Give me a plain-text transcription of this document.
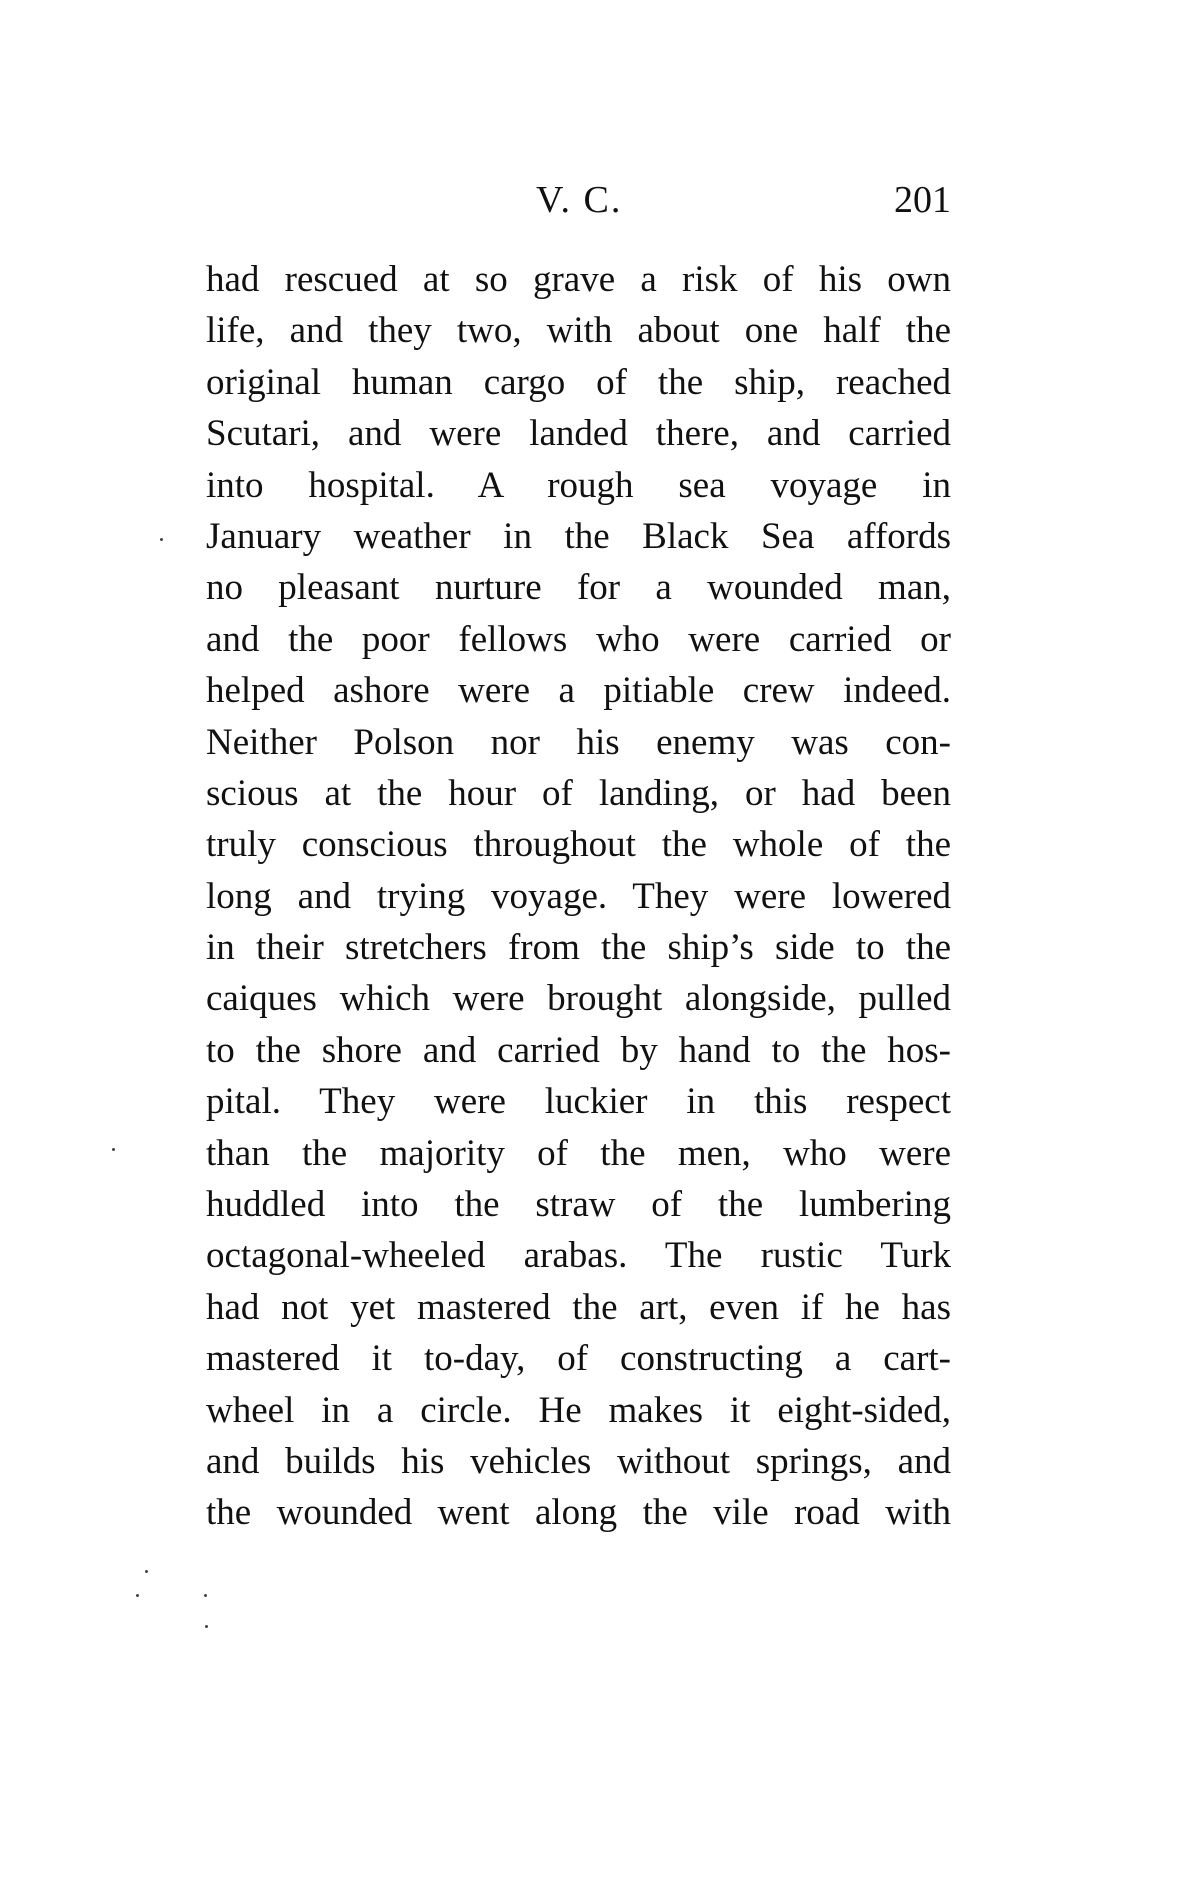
V. C.	201
had rescued at so grave a risk of his own
life, and they two, with about one half the
original human cargo of the ship, reached
Scutari, and were landed there, and carried
into hospital. A rough sea voyage in
January weather in the Black Sea affords
no pleasant nurture for a wounded man,
and the poor fellows who were carried or
helped ashore were a pitiable crew indeed.
Neither Polson nor his enemy was con-
scious at the hour of landing, or had been
truly conscious throughout the whole of the
long and trying voyage. They were lowered
in their stretchers from the ship’s side to the
caiques which were brought alongside, pulled
to the shore and carried by hand to the hos-
pital. They were luckier in this respect
than the majority of the men, who were
huddled into the straw of the lumbering
octagonal-wheeled arabas. The rustic Turk
had not yet mastered the art, even if he has
mastered it to-day, of constructing a cart-
wheel in a circle. He makes it eight-sided,
and builds his vehicles without springs, and
the wounded went along the vile road with
